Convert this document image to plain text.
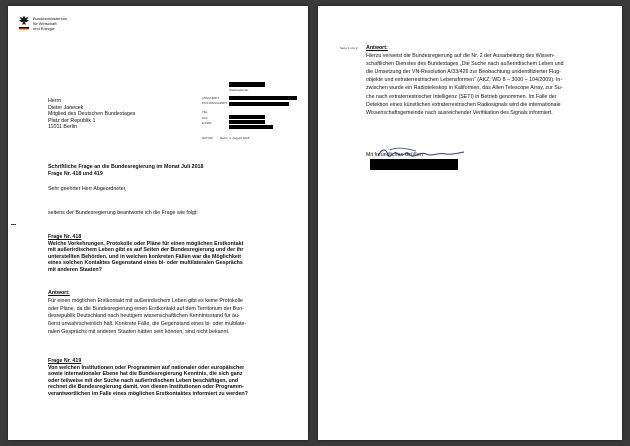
Bundesministerium
für Wirtschaft
und Energie
Staatssekretär
ANSCHRIFT
POSTANSCHRIFT
TEL
FAX
E-MAIL
DATUM	Berlin, 6. August 2018
Herrn
Dieter Janecek
Mitglied des Deutschen Bundestages
Platz der Republik 1
11011 Berlin
Schriftliche Frage an die Bundesregierung im Monat Juli 2018
Frage Nr. 418 und 419
Sehr geehrter Herr Abgeordneter,
seitens der Bundesregierung beantworte ich die Frage wie folgt:
Frage Nr. 418
Welche Vorkehrungen, Protokolle oder Pläne für einen möglichen Erstkontakt
mit außerirdischem Leben gibt es auf Seiten der Bundesregierung und der ihr
unterstellten Behörden, und in welchen konkreten Fällen war die Möglichkeit
eines solchen Kontaktes Gegenstand eines bi- oder multilateralen Gesprächs
mit anderen Staaten?
Antwort:
Für einen möglichen Erstkontakt mit außerirdischem Leben gibt es keine Protokolle
oder Pläne, da die Bundesregierung einen Erstkontakt auf dem Territorium der Bun-
desrepublik Deutschland nach heutigem wissenschaftlichen Kenntnisstand für äu-
ßerst unwahrscheinlich hält. Konkrete Fälle, die Gegenstand eines bi- oder multilate-
ralen Gesprächs mit anderen Staaten hätten sein können, sind nicht bekannt.
Frage Nr. 419
Von welchen Institutionen oder Programmen auf nationaler oder europäischer
sowie internationaler Ebene hat die Bundesregierung Kenntnis, die sich ganz
oder teilweise mit der Suche nach außerirdischem Leben beschäftigen, und
rechnet die Bundesregierung damit, von diesen Institutionen oder Programm-
verantwortlichen im Falle eines möglichen Erstkontaktes informiert zu werden?
Seite 2 von 2 Antwort:
Hierzu verweist die Bundesregierung auf die Nr. 2 der Ausarbeitung des Wissen-
schaftlichen Dienstes des Bundestages „Die Suche nach außerirdischem Leben und
die Umsetzung der VN-Resolution A/33/426 zur Beobachtung unidentifizierter Flug-
objekte und extraterrestrischen Lebensformen“ (AKZ: WD 8 – 3000 – 104/2009). In-
zwischen wurde ein Radioteleskop in Kalifornien, das Allen Telescope Array, zur Su-
che nach extraterrestrischer Intelligenz (SETI) in Betrieb genommen. Im Falle der
Detektion eines künstlichen extraterrestrischen Radiosignals wird die internationale
Wissenschaftsgemeinde nach ausreichender Verifikation des Signals informiert.
Mit freundlichen Grüßen
